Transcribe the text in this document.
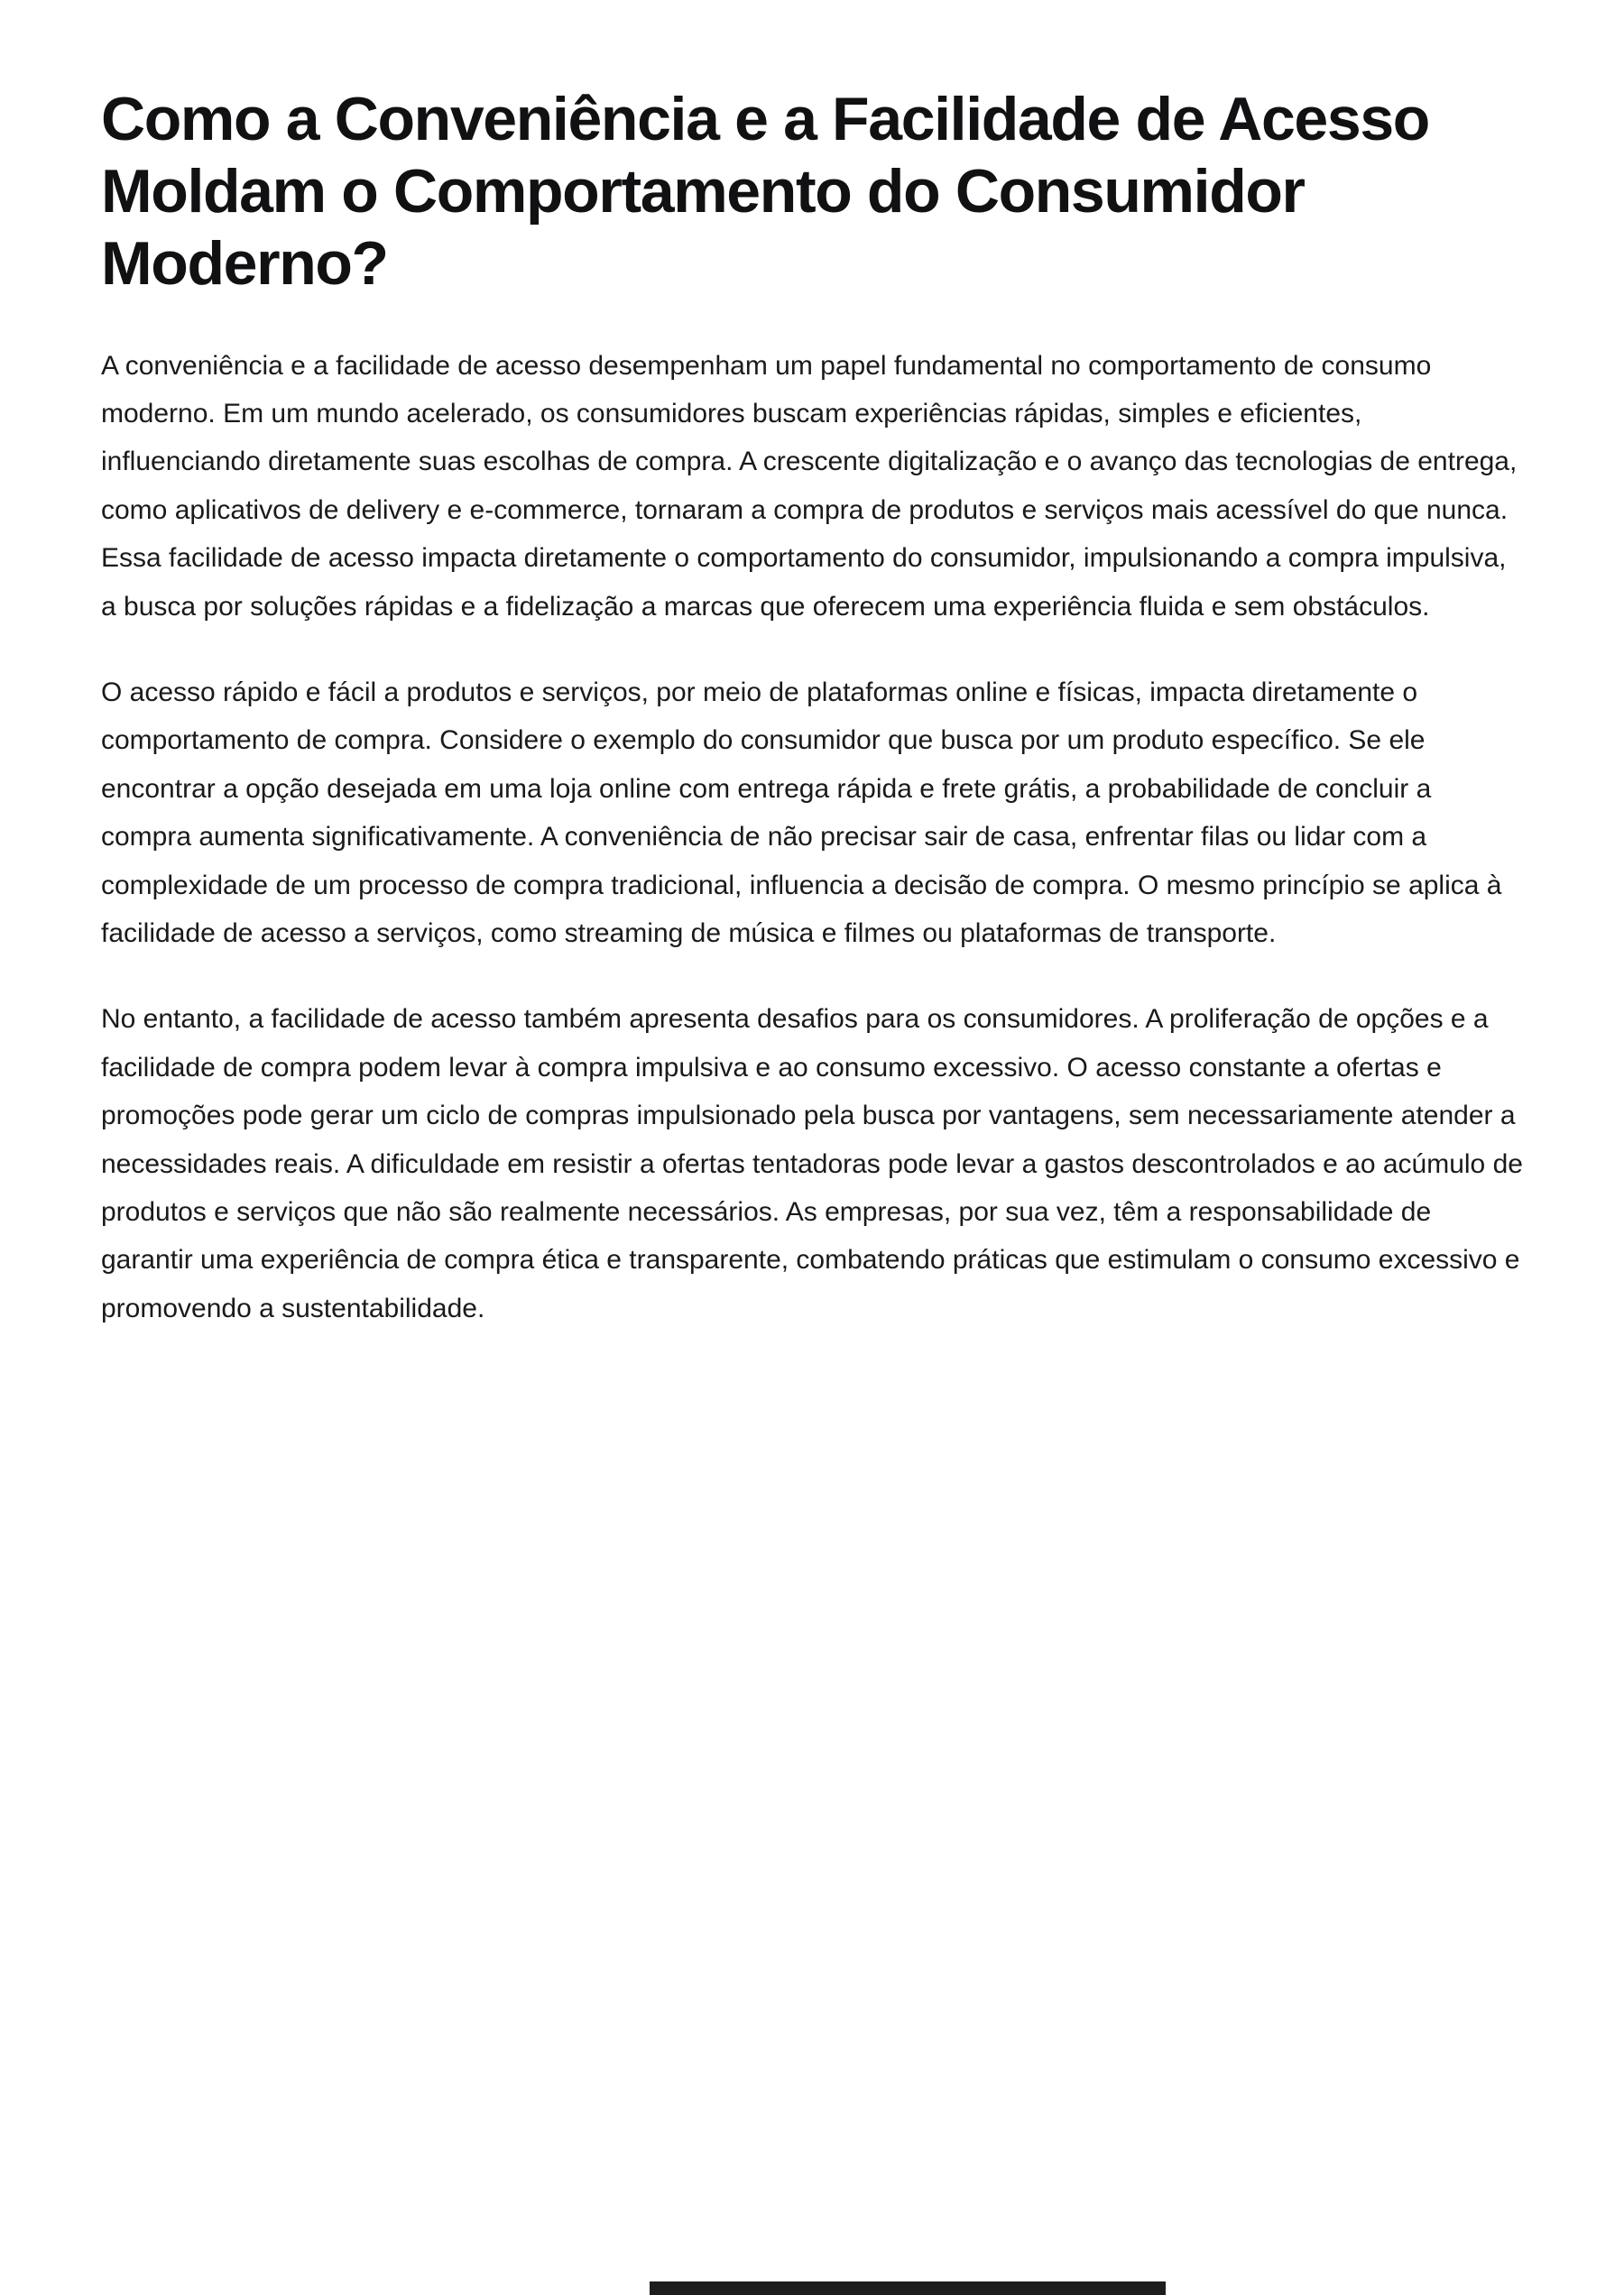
Como a Conveniência e a Facilidade de Acesso Moldam o Comportamento do Consumidor Moderno?

A conveniência e a facilidade de acesso desempenham um papel fundamental no comportamento de consumo moderno. Em um mundo acelerado, os consumidores buscam experiências rápidas, simples e eficientes, influenciando diretamente suas escolhas de compra. A crescente digitalização e o avanço das tecnologias de entrega, como aplicativos de delivery e e-commerce, tornaram a compra de produtos e serviços mais acessível do que nunca. Essa facilidade de acesso impacta diretamente o comportamento do consumidor, impulsionando a compra impulsiva, a busca por soluções rápidas e a fidelização a marcas que oferecem uma experiência fluida e sem obstáculos.

O acesso rápido e fácil a produtos e serviços, por meio de plataformas online e físicas, impacta diretamente o comportamento de compra. Considere o exemplo do consumidor que busca por um produto específico. Se ele encontrar a opção desejada em uma loja online com entrega rápida e frete grátis, a probabilidade de concluir a compra aumenta significativamente. A conveniência de não precisar sair de casa, enfrentar filas ou lidar com a complexidade de um processo de compra tradicional, influencia a decisão de compra. O mesmo princípio se aplica à facilidade de acesso a serviços, como streaming de música e filmes ou plataformas de transporte.

No entanto, a facilidade de acesso também apresenta desafios para os consumidores. A proliferação de opções e a facilidade de compra podem levar à compra impulsiva e ao consumo excessivo. O acesso constante a ofertas e promoções pode gerar um ciclo de compras impulsionado pela busca por vantagens, sem necessariamente atender a necessidades reais. A dificuldade em resistir a ofertas tentadoras pode levar a gastos descontrolados e ao acúmulo de produtos e serviços que não são realmente necessários. As empresas, por sua vez, têm a responsabilidade de garantir uma experiência de compra ética e transparente, combatendo práticas que estimulam o consumo excessivo e promovendo a sustentabilidade.
